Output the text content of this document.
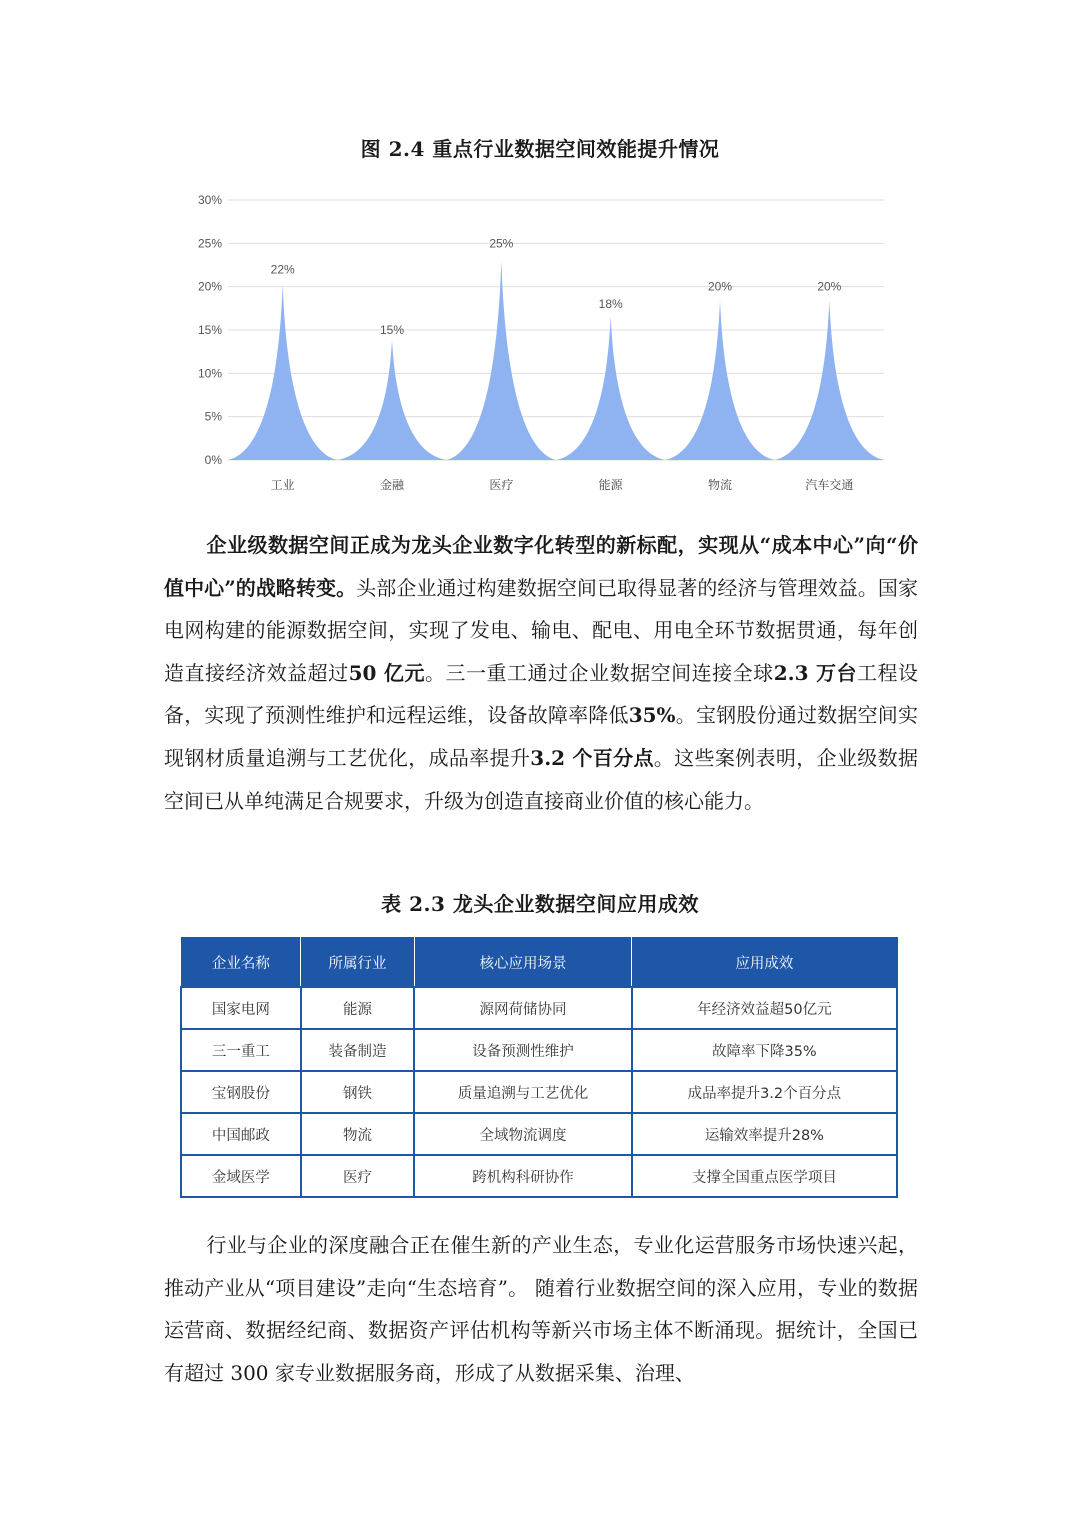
图 2.4 重点行业数据空间效能提升情况
0%
5%
10%
15%
20%
25%
30%
22%
工业
15%
金融
25%
医疗
18%
能源
20%
物流
20%
汽车交通

企业级数据空间正成为龙头企业数字化转型的新标配，实现从“成本中心”向“价值中心”的战略转变。头部企业通过构建数据空间已取得显著的经济与管理效益。国家电网构建的能源数据空间，实现了发电、输电、配电、用电全环节数据贯通，每年创造直接经济效益超过50 亿元。三一重工通过企业数据空间连接全球2.3 万台工程设备，实现了预测性维护和远程运维，设备故障率降低35%。宝钢股份通过数据空间实现钢材质量追溯与工艺优化，成品率提升3.2 个百分点。这些案例表明，企业级数据空间已从单纯满足合规要求，升级为创造直接商业价值的核心能力。

表 2.3 龙头企业数据空间应用成效
企业名称	所属行业	核心应用场景	应用成效
国家电网	能源	源网荷储协同	年经济效益超50亿元
三一重工	装备制造	设备预测性维护	故障率下降35%
宝钢股份	钢铁	质量追溯与工艺优化	成品率提升3.2个百分点
中国邮政	物流	全域物流调度	运输效率提升28%
金域医学	医疗	跨机构科研协作	支撑全国重点医学项目

行业与企业的深度融合正在催生新的产业生态，专业化运营服务市场快速兴起，推动产业从“项目建设”走向“生态培育”。 随着行业数据空间的深入应用，专业的数据运营商、数据经纪商、数据资产评估机构等新兴市场主体不断涌现。据统计，全国已有超过 300 家专业数据服务商，形成了从数据采集、治理、
